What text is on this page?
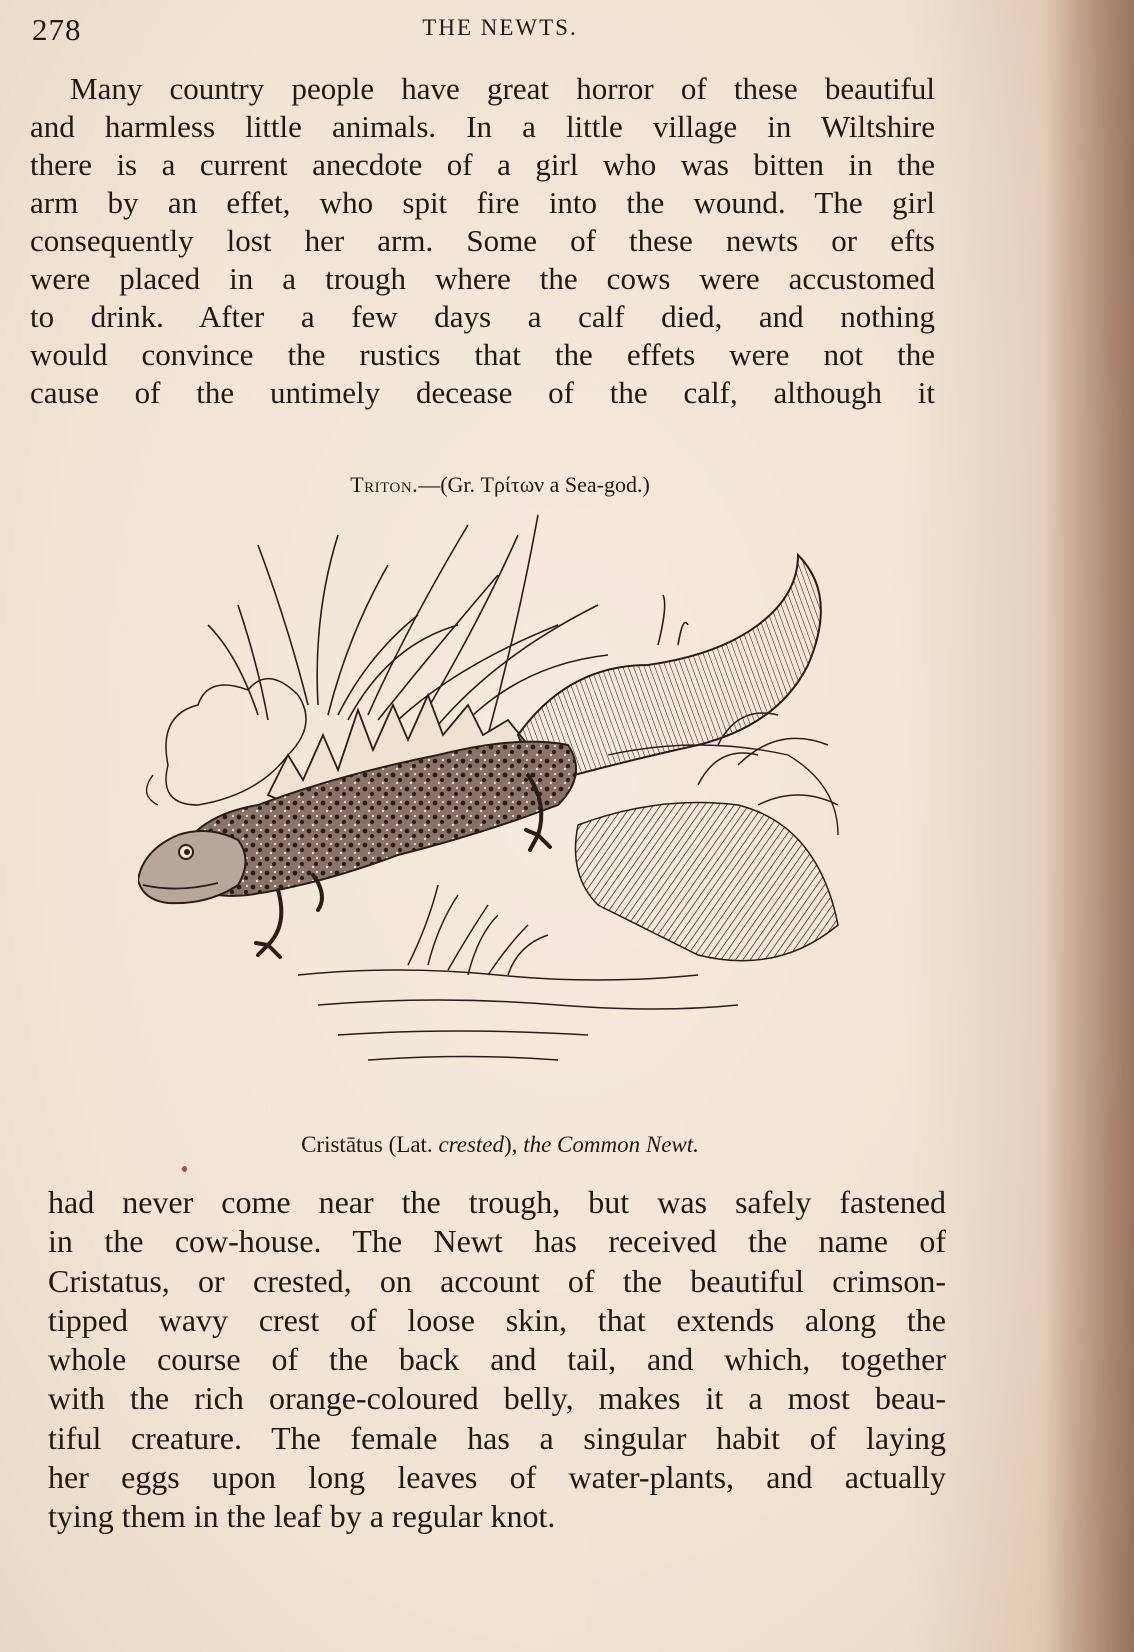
278	THE NEWTS.
Many country people have great horror of these beautiful
and harmless little animals. In a little village in Wiltshire
there is a current anecdote of a girl who was bitten in the
arm by an effet, who spit fire into the wound. The girl
consequently lost her arm. Some of these newts or efts
were placed in a trough where the cows were accustomed
to drink. After a few days a calf died, and nothing
would convince the rustics that the effets were not the
cause of the untimely decease of the calf, although it
Triton.—(Gr. Τρίτων a Sea-god.)
Cristātus (Lat. crested), the Common Newt.
had never come near the trough, but was safely fastened
in the cow-house. The Newt has received the name of
Cristatus, or crested, on account of the beautiful crimson-
tipped wavy crest of loose skin, that extends along the
whole course of the back and tail, and which, together
with the rich orange-coloured belly, makes it a most beau-
tiful creature. The female has a singular habit of laying
her eggs upon long leaves of water-plants, and actually
tying them in the leaf by a regular knot.
